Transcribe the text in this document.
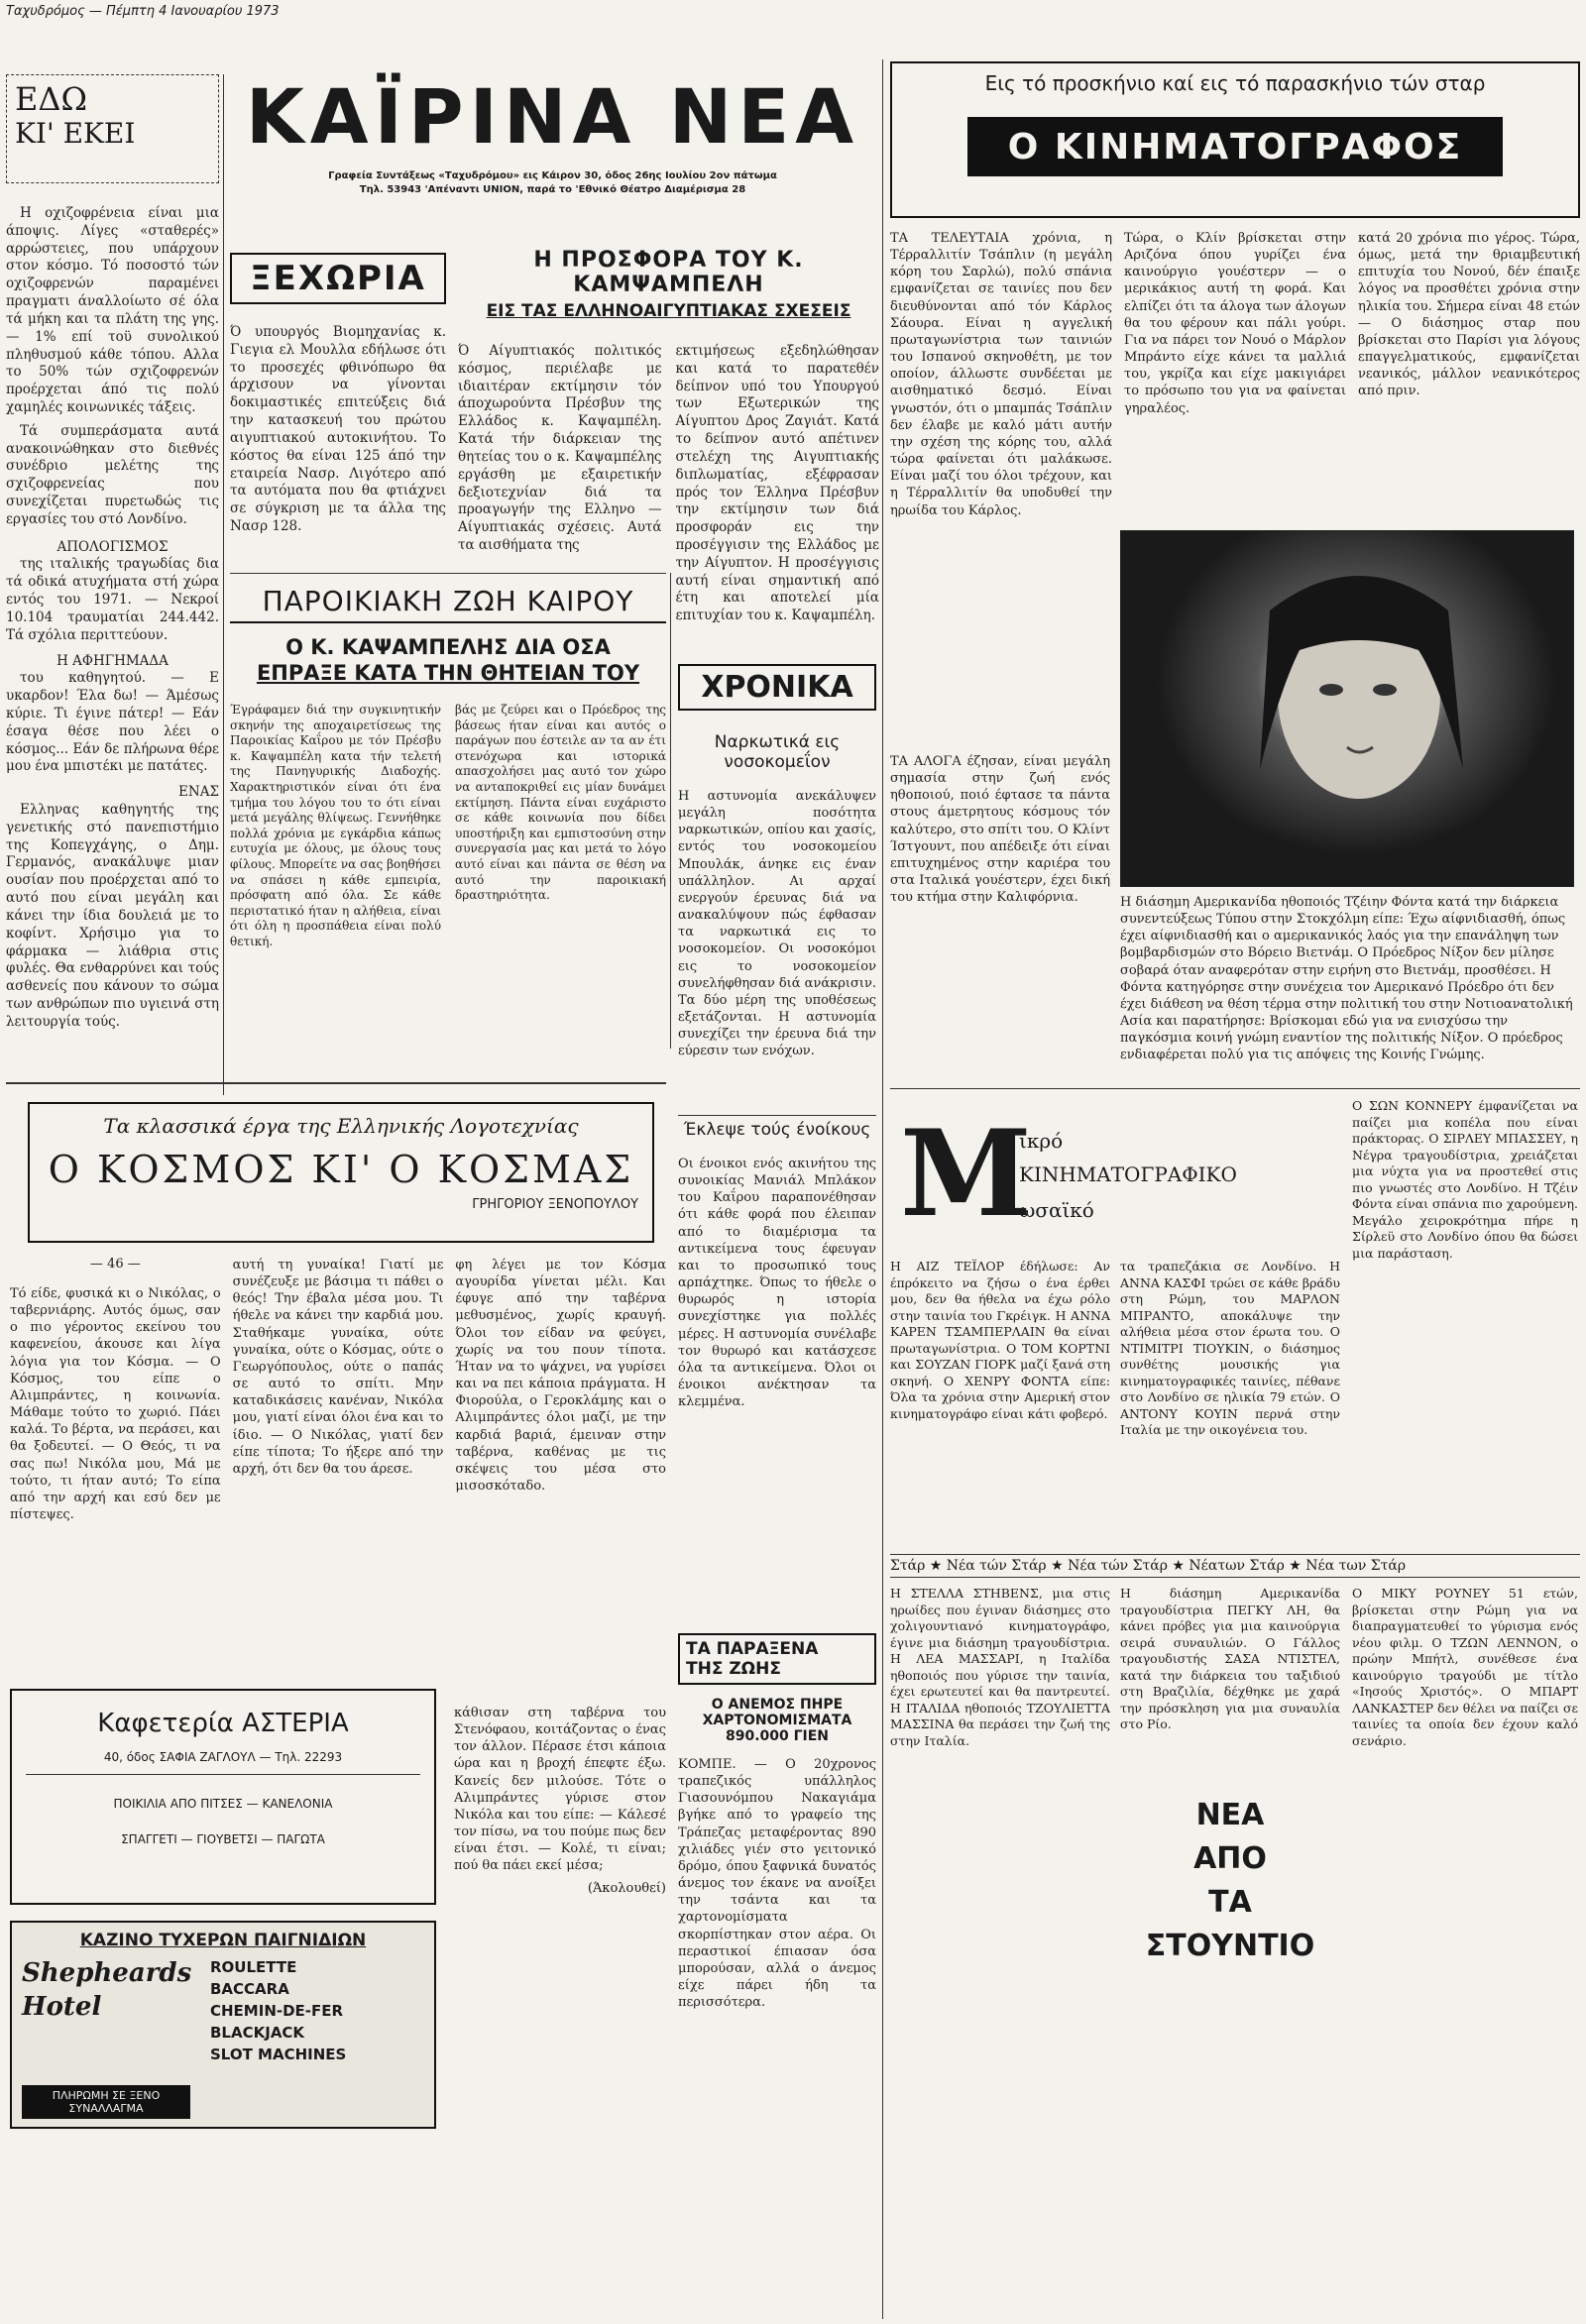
Ταχυδρόμος — Πέμπτη 4 Ιανουαρίου 1973
ΚΑΪΡΙΝΑ ΝΕΑ
Γραφεία Συντάξεως «Ταχυδρόμου» εις Κάιρον 30, όδος 26ης Ιουλίου 2ον πάτωμα
Τηλ. 53943 'Απέναντι UNION, παρά το 'Εθνικό Θέατρο Διαμέρισμα 28
ΕΔΩ
ΚΙ' ΕΚΕΙ

Η οχιζοφρένεια είναι μια άποψις. Λίγες «σταθερές» αρρώστειες, που υπάρχουν στον κόσμο. Τό ποσοστό τών οχιζοφρενών παραμένει πραγματι άναλλοίωτο σέ όλα τά μήκη και τα πλάτη της γης. — 1% επί τοϋ συνολικού πληθυσμού κάθε τόπου. Αλλα το 50% τών σχιζοφρενών προέρχεται άπό τις πολύ χαμηλές κοινωνικές τάξεις.

Τά συμπεράσματα αυτά ανακοινώθηκαν στο διεθνές συνέδριο μελέτης της σχιζοφρενείας που συνεχίζεται πυρετωδώς τις εργασίες του στό Λονδίνο.

ΑΠΟΛΟΓΙΣΜΟΣ

της ιταλικής τραγωδίας δια τά οδικά ατυχήματα στή χώρα εντός του 1971. — Νεκροί 10.104 τραυματίαι 244.442. Τά σχόλια περιττεύουν.

Η ΑΦΗΓΗΜΑΔΑ

του καθηγητού. — Ε υκαρδον! Έλα δω! — Άμέσως κύριε. Τι έγινε πάτερ! — Εάν έσαγα θέσε που λέει ο κόσμος... Εάν δε πλήρωνα θέρε μου ένα μπιστέκι με πατάτες.

ΕΝΑΣ

Ελληνας καθηγητής της γενετικής στό πανεπιστήμιο της Κοπεγχάγης, ο Δημ. Γερμανός, ανακάλυψε μιαν ουσίαν που προέρχεται από το αυτό που είναι μεγάλη και κάνει την ίδια δουλειά με το κοφίντ. Χρήσιμο για το φάρμακα — λιάθρια στις φυλές. Θα ενθαρρύνει και τούς ασθενείς που κάνουν το σώμα των ανθρώπων πιο υγιεινά στη λειτουργία τούς.

ΞΕΧΩΡΙΑ
Ό υπουργός Βιομηχανίας κ. Γιεγια ελ Μουλλα εδήλωσε ότι το προσεχές φθινόπωρο θα άρχισουν να γίνονται δοκιμαστικές επιτεύξεις διά την κατασκευή του πρώτου αιγυπτιακού αυτοκινήτου. Το κόστος θα είναι 125 άπό την εταιρεία Νασρ. Λιγότερο από τα αυτόματα που θα φτιάχνει σε σύγκριση με τα άλλα της Νασρ 128.
Η ΠΡΟΣΦΟΡΑ ΤΟΥ Κ. ΚΑΜΨΑΜΠΕΛΗ
ΕΙΣ ΤΑΣ ΕΛΛΗΝΟΑΙΓΥΠΤΙΑΚΑΣ ΣΧΕΣΕΙΣ
Ό Αίγυπτιακός πολιτικός κόσμος, περιέλαβε με ιδιαιτέραν εκτίμησιν τόν άποχωρούντα Πρέσβυν της Ελλάδος κ. Καψαμπέλη. Κατά τήν διάρκειαν της θητείας του ο κ. Καψαμπέλης εργάσθη με εξαιρετικήν δεξιοτεχνίαν διά τα προαγωγήν της Ελληνο — Αίγυπτιακάς σχέσεις. Αυτά τα αισθήματα της
εκτιμήσεως εξεδηλώθησαν και κατά το παρατεθέν δείπνον υπό του Υπουργού των Εξωτερικών της Αίγυπτου Δρος Ζαγιάτ. Κατά το δείπνον αυτό απέτινεν στελέχη της Αιγυπτιακής διπλωματίας, εξέφρασαν πρός τον Έλληνα Πρέσβυν την εκτίμησιν των διά προσφοράν εις την προσέγγισιν της Ελλάδος με την Αίγυπτον. Η προσέγγισις αυτή είναι σημαντική από έτη και αποτελεί μία επιτυχίαν του κ. Καψαμπέλη.
ΠΑΡΟΙΚΙΑΚΗ ΖΩΗ ΚΑΙΡΟΥ
Ο Κ. ΚΑΨΑΜΠΕΛΗΣ ΔΙΑ ΟΣΑ
ΕΠΡΑΞΕ ΚΑΤΑ ΤΗΝ ΘΗΤΕΙΑΝ ΤΟΥ
Έγράφαμεν διά την συγκινητικήν σκηνήν της αποχαιρετίσεως της Παροικίας Καΐρου με τόν Πρέσβυ κ. Καψαμπέλη κατα τήν τελετή της Πανηγυρικής Διαδοχής. Χαρακτηριστικόν είναι ότι ένα τμήμα του λόγου του το ότι είναι μετά μεγάλης θλίψεως. Γεννήθηκε πολλά χρόνια με εγκάρδια κάπως ευτυχία με όλους, με όλους τους φίλους. Μπορείτε να σας βοηθήσει να σπάσει η κάθε εμπειρία, πρόσφατη από όλα. Σε κάθε περιστατικό ήταν η αλήθεια, είναι ότι όλη η προσπάθεια είναι πολύ θετική.
βάς με ζεύρει και ο Πρόεδρος της βάσεως ήταν είναι και αυτός ο παράγων που έστειλε αν τα αν έτι στενόχωρα και ιστορικά απασχολήσει μας αυτό τον χώρο να ανταποκριθεί εις μίαν δυνάμει εκτίμηση. Πάντα είναι ευχάριστο σε κάθε κοινωνία που δίδει υποστήριξη και εμπιστοσύνη στην συνεργασία μας και μετά το λόγο αυτό είναι και πάντα σε θέση να αυτό την παροικιακή δραστηριότητα.
ΧΡΟΝΙΚΑ
Ναρκωτικά εις νοσοκομεΐον
Η αστυνομία ανεκάλυψεν μεγάλη ποσότητα ναρκωτικών, οπίου και χασίς, εντός του νοσοκομείου Μπουλάκ, άνηκε εις έναν υπάλληλον. Αι αρχαί ενεργούν έρευνας διά να ανακαλύψουν πώς έφθασαν τα ναρκωτικά εις το νοσοκομείον. Οι νοσοκόμοι εις το νοσοκομείον συνελήφθησαν διά ανάκρισιν. Τα δύο μέρη της υποθέσεως εξετάζονται. Η αστυνομία συνεχίζει την έρευνα διά την εύρεσιν των ενόχων.
Έκλεψε τούς ένοίκους
Οι ένοικοι ενός ακινήτου της συνοικίας Μανιάλ Μπλάκον του Καΐρου παραπονέθησαν ότι κάθε φορά που έλειπαν από το διαμέρισμα τα αντικείμενα τους έφευγαν και το προσωπικό τους αρπάχτηκε. Όπως το ήθελε ο θυρωρός η ιστορία συνεχίστηκε για πολλές μέρες. Η αστυνομία συνέλαβε τον θυρωρό και κατάσχεσε όλα τα αντικείμενα. Όλοι οι ένοικοι ανέκτησαν τα κλεμμένα.
ΤΑ ΠΑΡΑΞΕΝΑ
ΤΗΣ ΖΩΗΣ
Ο ΑΝΕΜΟΣ ΠΗΡΕ ΧΑΡΤΟΝΟΜΙΣΜΑΤΑ 890.000 ΓΙΕΝ
ΚΟΜΠΕ. — Ο 20χρονος τραπεζικός υπάλληλος Γιασουνόμπου Νακαγιάμα βγήκε από το γραφείο της Τράπεζας μεταφέροντας 890 χιλιάδες γιέν στο γειτονικό δρόμο, όπου ξαφνικά δυνατός άνεμος τον έκανε να ανοίξει την τσάντα και τα χαρτονομίσματα σκορπίστηκαν στον αέρα. Οι περαστικοί έπιασαν όσα μπορούσαν, αλλά ο άνεμος είχε πάρει ήδη τα περισσότερα.
Τα κλασσικά έργα της Ελληνικής Λογοτεχνίας
Ο ΚΟΣΜΟΣ ΚΙ' Ο ΚΟΣΜΑΣ
ΓΡΗΓΟΡΙΟΥ ΞΕΝΟΠΟΥΛΟΥ
— 46 —
Τό είδε, φυσικά κι ο Νικόλας, ο ταβερνιάρης. Αυτός όμως, σαν ο πιο γέροντος εκείνου του καφενείου, άκουσε και λίγα λόγια για τον Κόσμα. — Ο Κόσμος, του είπε ο Αλιμπράντες, η κοινωνία. Μάθαμε τούτο το χωριό. Πάει καλά. Το βέρτα, να περάσει, και θα ξοδευτεί. — Ο Θεός, τι να σας πω! Νικόλα μου, Μά με τούτο, τι ήταν αυτό; Το είπα από την αρχή και εσύ δεν με πίστεψες.
αυτή τη γυναίκα! Γιατί με συνέζευξε με βάσιμα τι πάθει ο θεός! Την έβαλα μέσα μου. Τι ήθελε να κάνει την καρδιά μου. Σταθήκαμε γυναίκα, ούτε γυναίκα, ούτε ο Κόσμας, ούτε ο Γεωργόπουλος, ούτε ο παπάς σε αυτό το σπίτι. Μην καταδικάσεις κανέναν, Νικόλα μου, γιατί είναι όλοι ένα και το ίδιο. — Ο Νικόλας, γιατί δεν είπε τίποτα; Το ήξερε από την αρχή, ότι δεν θα του άρεσε.
φη λέγει με τον Κόσμα αγουρίδα γίνεται μέλι. Και έφυγε από την ταβέρνα μεθυσμένος, χωρίς κραυγή. Όλοι τον είδαν να φεύγει, χωρίς να του πουν τίποτα. Ήταν να το ψάχνει, να γυρίσει και να πει κάποια πράγματα. Η Φιορούλα, ο Γεροκλάμης και ο Αλιμπράντες όλοι μαζί, με την καρδιά βαριά, έμειναν στην ταβέρνα, καθένας με τις σκέψεις του μέσα στο μισοσκόταδο.
κάθισαν στη ταβέρνα του Στενόφαου, κοιτάζοντας ο ένας τον άλλον. Πέρασε έτσι κάποια ώρα και η βροχή έπεφτε έξω. Κανείς δεν μιλούσε. Τότε ο Αλιμπράντες γύρισε στον Νικόλα και του είπε: — Κάλεσέ τον πίσω, να του πούμε πως δεν είναι έτσι. — Κολέ, τι είναι; πού θα πάει εκεί μέσα;
(Άκολουθεί)
Καφετερία ΑΣΤΕΡΙΑ
40, όδος ΣΑΦΙΑ ΖΑΓΛΟΥΛ — Τηλ. 22293
ΠΟΙΚΙΛΙΑ ΑΠΟ ΠΙΤΣΕΣ — ΚΑΝΕΛΟΝΙΑ
ΣΠΑΓΓΕΤΙ — ΓΙΟΥΒΕΤΣΙ — ΠΑΓΩΤΑ
ΚΑΖΙΝΟ ΤΥΧΕΡΩΝ ΠΑΙΓΝΙΔΙΩΝ
Shepheards Hotel
ROULETTE
BACCARA
CHEMIN-DE-FER
BLACKJACK
SLOT MACHINES
ΠΛΗΡΩΜΗ ΣΕ ΞΕΝΟ
ΣΥΝΑΛΛΑΓΜΑ
Εις τό προσκήνιο καί εις τό παρασκήνιο τών σταρ
Ο ΚΙΝΗΜΑΤΟΓΡΑΦΟΣ
ΤΑ ΤΕΛΕΥΤΑΙΑ χρόνια, η Τέρραλλιτίν Τσάπλιν (η μεγάλη κόρη του Σαρλώ), πολύ σπάνια εμφανίζεται σε ταινίες που δεν διευθύνονται από τόν Κάρλος Σάουρα. Είναι η αγγελική πρωταγωνίστρια των ταινιών του Ισπανού σκηνοθέτη, με τον οποίον, άλλωστε συνδέεται με αισθηματικό δεσμό. Είναι γνωστόν, ότι ο μπαμπάς Τσάπλιν δεν έλαβε με καλό μάτι αυτήν την σχέση της κόρης του, αλλά τώρα φαίνεται ότι μαλάκωσε. Είναι μαζί του όλοι τρέχουν, και η Τέρραλλιτίν θα υποδυθεί την ηρωίδα του Κάρλος.
Τώρα, ο Κλίν βρίσκεται στην Αριζόνα όπου γυρίζει ένα καινούργιο γουέστερν — ο μερικάκιος αυτή τη φορά. Και ελπίζει ότι τα άλογα των άλογων θα του φέρουν και πάλι γούρι. Για να πάρει τον Νουό ο Μάρλον Μπράντο είχε κάνει τα μαλλιά του, γκρίζα και είχε μακιγιάρει το πρόσωπο του για να φαίνεται γηραλέος.
κατά 20 χρόνια πιο γέρος. Τώρα, όμως, μετά την θριαμβευτική επιτυχία του Νονού, δέν έπαιξε λόγος να προσθέτει χρόνια στην ηλικία του. Σήμερα είναι 48 ετών — Ο διάσημος σταρ που βρίσκεται στο Παρίσι για λόγους επαγγελματικούς, εμφανίζεται νεανικός, μάλλον νεανικότερος από πριν.
ΤΑ ΑΛΟΓΑ έζησαν, είναι μεγάλη σημασία στην ζωή ενός ηθοποιού, ποιό έφτασε τα πάντα στους άμετρητους κόσμους τόν καλύτερο, στο σπίτι του. Ο Κλίντ Ίστγουντ, που απέδειξε ότι είναι επιτυχημένος στην καριέρα του στα Ιταλικά γουέστερν, έχει δική του κτήμα στην Καλιφόρνια.	Η διάσημη Αμερικανίδα ηθοποιός Τζέιην Φόντα κατά την διάρκεια συνεντεύξεως Τύπου στην Στοκχόλμη είπε: Έχω αίφνιδιασθή, όπως έχει αίφνιδιασθή και ο αμερικανικός λαός για την επανάληψη των βομβαρδισμών στο Βόρειο Βιετνάμ. Ο Πρόεδρος Νίξον δεν μίλησε σοβαρά όταν αναφερόταν στην ειρήνη στο Βιετνάμ, προσθέσει. Η Φόντα κατηγόρησε στην συνέχεια τον Αμερικανό Πρόεδρο ότι δεν έχει διάθεση να θέση τέρμα στην πολιτική του στην Νοτιοανατολική Ασία και παρατήρησε: Βρίσκομαι εδώ για να ενισχύσω την παγκόσμια κοινή γνώμη εναντίον της πολιτικής Νίξον. Ο πρόεδρος ενδιαφέρεται πολύ για τις απόψεις της Κοινής Γνώμης.
Μ
ικρό
ΚΙΝΗΜΑΤΟΓΡΑΦΙΚΟ
ωσαϊκό
Η ΑΙΖ ΤΕΪΛΟΡ έδήλωσε: Αν έπρόκειτο να ζήσω ο ένα έρθει μου, δεν θα ήθελα να έχω ρόλο στην ταινία του Γκρέιγκ. Η ΑΝΝΑ ΚΑΡΕΝ ΤΣΑΜΠΕΡΛΑΙΝ θα είναι πρωταγωνίστρια. Ο ΤΟΜ ΚΟΡΤΝΙ και ΣΟΥΖΑΝ ΓΙΟΡΚ μαζί ξανά στη σκηνή. Ο ΧΕΝΡΥ ΦΟΝΤΑ είπε: Όλα τα χρόνια στην Αμερική στον κινηματογράφο είναι κάτι φοβερό.
τα τραπεζάκια σε Λονδίνο. Η ΑΝΝΑ ΚΑΣΦΙ τρώει σε κάθε βράδυ στη Ρώμη, του ΜΑΡΛΟΝ ΜΠΡΑΝΤΟ, αποκάλυψε την αλήθεια μέσα στον έρωτα του. Ο ΝΤΙΜΙΤΡΙ ΤΙΟΥΚΙΝ, ο διάσημος συνθέτης μουσικής για κινηματογραφικές ταινίες, πέθανε στο Λονδίνο σε ηλικία 79 ετών. Ο ΑΝΤΟΝΥ ΚΟΥΙΝ περνά στην Ιταλία με την οικογένεια του.
Ο ΣΩΝ ΚΟΝΝΕΡΥ έμφανίζεται να παίζει μια κοπέλα που είναι πράκτορας. Ο ΣΙΡΛΕΥ ΜΠΑΣΣΕΥ, η Νέγρα τραγουδίστρια, χρειάζεται μια νύχτα για να προστεθεί στις πιο γνωστές στο Λονδίνο. Η Τζέιν Φόντα είναι σπάνια πιο χαρούμενη. Μεγάλο χειροκρότημα πήρε η Σίρλεϋ στο Λονδίνο όπου θα δώσει μια παράσταση.
Στάρ ★ Νέα τών Στάρ ★ Νέα τών Στάρ ★ Νέατων Στάρ ★ Νέα των Στάρ
Η ΣΤΕΛΛΑ ΣΤΗΒΕΝΣ, μια στις ηρωίδες που έγιναν διάσημες στο χολιγουντιανό κινηματογράφο, έγινε μια διάσημη τραγουδίστρια. Η ΛΕΑ ΜΑΣΣΑΡΙ, η Ιταλίδα ηθοποιός που γύρισε την ταινία, έχει ερωτευτεί και θα παντρευτεί. Η ΙΤΑΛΙΔΑ ηθοποιός ΤΖΟΥΛΙΕΤΤΑ ΜΑΣΣΙΝΑ θα περάσει την ζωή της στην Ιταλία.
Η διάσημη Αμερικανίδα τραγουδίστρια ΠΕΓΚΥ ΛΗ, θα κάνει πρόβες για μια καινούργια σειρά συναυλιών. Ο Γάλλος τραγουδιστής ΣΑΣΑ ΝΤΙΣΤΕΛ, κατά την διάρκεια του ταξιδιού στη Βραζιλία, δέχθηκε με χαρά την πρόσκληση για μια συναυλία στο Ρίο.
ΝΕΑ
ΑΠΟ
ΤΑ
ΣΤΟΥΝΤΙΟ
Ο ΜΙΚΥ ΡΟΥΝΕΥ 51 ετών, βρίσκεται στην Ρώμη για να διαπραγματευθεί το γύρισμα ενός νέου φιλμ. Ο ΤΖΩΝ ΛΕΝΝΟΝ, ο πρώην Μπήτλ, συνέθεσε ένα καινούργιο τραγούδι με τίτλο «Ιησούς Χριστός». Ο ΜΠΑΡΤ ΛΑΝΚΑΣΤΕΡ δεν θέλει να παίζει σε ταινίες τα οποία δεν έχουν καλό σενάριο.
